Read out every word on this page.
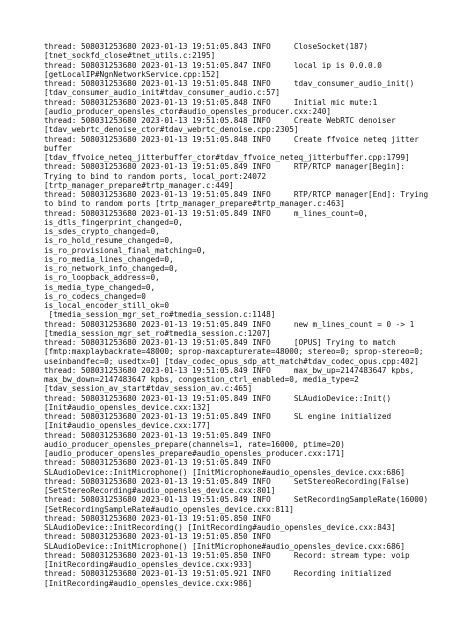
thread: 508031253680 2023-01-13 19:51:05.843 INFO     CloseSocket(187)
[tnet_sockfd_close#tnet_utils.c:2195]
thread: 508031253680 2023-01-13 19:51:05.847 INFO     local ip is 0.0.0.0
[getLocalIP#NgnNetworkService.cpp:152]
thread: 508031253680 2023-01-13 19:51:05.848 INFO     tdav_consumer_audio_init()
[tdav_consumer_audio_init#tdav_consumer_audio.c:57]
thread: 508031253680 2023-01-13 19:51:05.848 INFO     Initial mic mute:1
[audio_producer_opensles_ctor#audio_opensles_producer.cxx:240]
thread: 508031253680 2023-01-13 19:51:05.848 INFO     Create WebRTC denoiser
[tdav_webrtc_denoise_ctor#tdav_webrtc_denoise.cpp:2305]
thread: 508031253680 2023-01-13 19:51:05.848 INFO     Create ffvoice neteq jitter
buffer
[tdav_ffvoice_neteq_jitterbuffer_ctor#tdav_ffvoice_neteq_jitterbuffer.cpp:1799]
thread: 508031253680 2023-01-13 19:51:05.849 INFO     RTP/RTCP manager[Begin]:
Trying to bind to random ports, local_port:24072
[trtp_manager_prepare#trtp_manager.c:449]
thread: 508031253680 2023-01-13 19:51:05.849 INFO     RTP/RTCP manager[End]: Trying
to bind to random ports [trtp_manager_prepare#trtp_manager.c:463]
thread: 508031253680 2023-01-13 19:51:05.849 INFO     m_lines_count=0,
is_dtls_fingerprint_changed=0,
is_sdes_crypto_changed=0,
is_ro_hold_resume_changed=0,
is_ro_provisional_final_matching=0,
is_ro_media_lines_changed=0,
is_ro_network_info_changed=0,
is_ro_loopback_address=0,
is_media_type_changed=0,
is_ro_codecs_changed=0
is_local_encoder_still_ok=0
[tmedia_session_mgr_set_ro#tmedia_session.c:1148]
thread: 508031253680 2023-01-13 19:51:05.849 INFO     new m_lines_count = 0 -> 1
[tmedia_session_mgr_set_ro#tmedia_session.c:1207]
thread: 508031253680 2023-01-13 19:51:05.849 INFO     [OPUS] Trying to match
[fmtp:maxplaybackrate=48000; sprop-maxcapturerate=48000; stereo=0; sprop-stereo=0;
useinbandfec=0; usedtx=0] [tdav_codec_opus_sdp_att_match#tdav_codec_opus.cpp:402]
thread: 508031253680 2023-01-13 19:51:05.849 INFO     max_bw_up=2147483647 kpbs,
max_bw_down=2147483647 kpbs, congestion_ctrl_enabled=0, media_type=2
[tdav_session_av_start#tdav_session_av.c:465]
thread: 508031253680 2023-01-13 19:51:05.849 INFO     SLAudioDevice::Init()
[Init#audio_opensles_device.cxx:132]
thread: 508031253680 2023-01-13 19:51:05.849 INFO     SL engine initialized
[Init#audio_opensles_device.cxx:177]
thread: 508031253680 2023-01-13 19:51:05.849 INFO
audio_producer_opensles_prepare(channels=1, rate=16000, ptime=20)
[audio_producer_opensles_prepare#audio_opensles_producer.cxx:171]
thread: 508031253680 2023-01-13 19:51:05.849 INFO
SLAudioDevice::InitMicrophone() [InitMicrophone#audio_opensles_device.cxx:686]
thread: 508031253680 2023-01-13 19:51:05.849 INFO     SetStereoRecording(False)
[SetStereoRecording#audio_opensles_device.cxx:801]
thread: 508031253680 2023-01-13 19:51:05.849 INFO     SetRecordingSampleRate(16000)
[SetRecordingSampleRate#audio_opensles_device.cxx:811]
thread: 508031253680 2023-01-13 19:51:05.850 INFO
SLAudioDevice::InitRecording() [InitRecording#audio_opensles_device.cxx:843]
thread: 508031253680 2023-01-13 19:51:05.850 INFO
SLAudioDevice::InitMicrophone() [InitMicrophone#audio_opensles_device.cxx:686]
thread: 508031253680 2023-01-13 19:51:05.850 INFO     Record: stream type: voip
[InitRecording#audio_opensles_device.cxx:933]
thread: 508031253680 2023-01-13 19:51:05.921 INFO     Recording initialized
[InitRecording#audio_opensles_device.cxx:986]
